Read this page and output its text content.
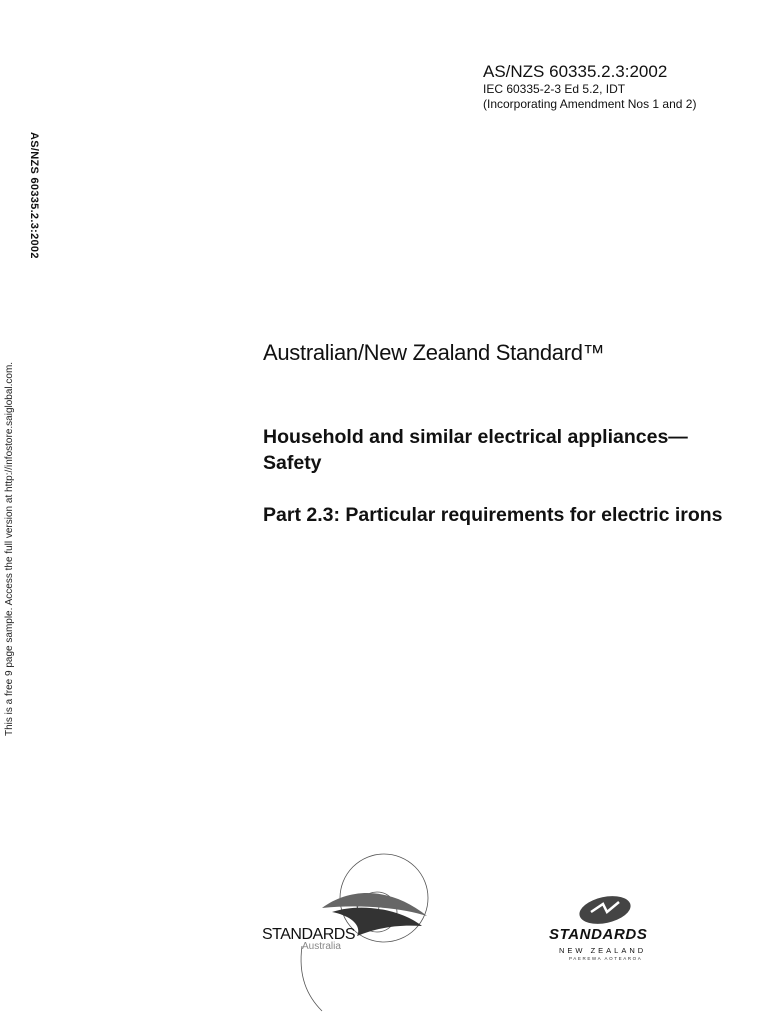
AS/NZS 60335.2.3:2002
This is a free 9 page sample. Access the full version at http://infostore.saiglobal.com.
AS/NZS 60335.2.3:2002
IEC 60335-2-3 Ed 5.2, IDT
(Incorporating Amendment Nos 1 and 2)
Australian/New Zealand Standard™
Household and similar electrical appliances—Safety
Part 2.3: Particular requirements for electric irons
STANDARDS
Australia
STANDARDS
NEW ZEALAND
PAEREWA AOTEAROA
